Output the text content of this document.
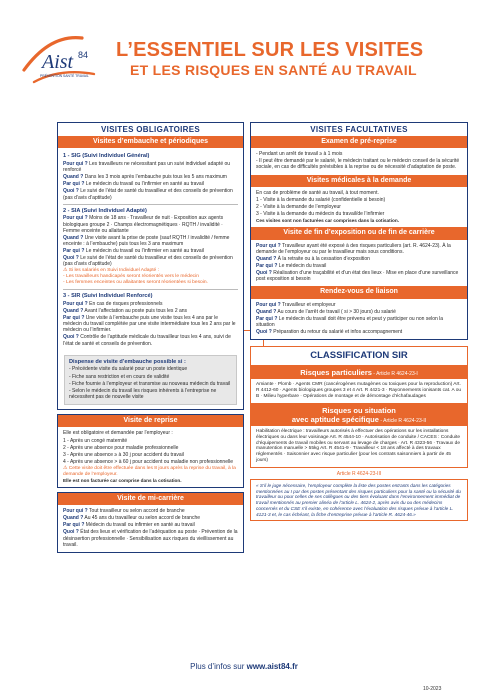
Aist 84
PRÉVENTION SANTÉ TRAVAIL
L’ESSENTIEL SUR LES VISITES
ET LES RISQUES EN SANTÉ AU TRAVAIL
VISITES OBLIGATOIRES
Visites d’embauche et périodiques
1 - SIG (Suivi Individuel Général)
Pour qui ? Les travailleurs ne nécessitant pas un suivi individuel adapté ou renforcé
Quand ? Dans les 3 mois après l’embauche puis tous les 5 ans maximum
Par qui ? Le médecin du travail ou l’infirmier en santé au travail
Quoi ? Le suivi de l’état de santé du travailleur et des conseils de prévention (pas d’avis d’aptitude)
2 - SIA (Suivi Individuel Adapté)
Pour qui ? Moins de 18 ans · Travailleur de nuit · Exposition aux agents biologiques groupe 2 · Champs électromagnétiques · RQTH / invalidité · Femme enceinte ou allaitante
Quand ? Une visite avant la prise de poste (sauf RQTH / invalidité / femme enceinte : à l’embauche) puis tous les 3 ans maximum
Par qui ? Le médecin du travail ou l’infirmier en santé au travail
Quoi ? Le suivi de l’état de santé du travailleur et des conseils de prévention (pas d’avis d’aptitude)
⚠ Si les salariés en Suivi Individuel Adapté :
- Les travailleurs handicapés seront réorientés vers le médecin
- Les femmes enceintes ou allaitantes seront réorientées si besoin.
3 - SIR (Suivi Individuel Renforcé)
Pour qui ? En cas de risques professionnels
Quand ? Avant l’affectation au poste puis tous les 2 ans
Par qui ? Une visite à l’embauche puis une visite tous les 4 ans par le médecin du travail complétée par une visite intermédiaire tous les 2 ans par le médecin ou l’infirmier.
Quoi ? Contrôle de l’aptitude médicale du travailleur tous les 4 ans, suivi de l’état de santé et conseils de prévention.
Dispense de visite d’embauche possible si :
- Précédente visite du salarié pour un poste identique
- Fiche sans restriction et en cours de validité
- Fiche fournie à l’employeur et transmise au nouveau médecin du travail
- Selon le médecin du travail les risques inhérents à l’entreprise ne nécessitent pas de nouvelle visite
Visite de reprise
Elle est obligatoire et demandée par l’employeur :
1 - Après un congé maternité
2 - Après une absence pour maladie professionnelle
3 - Après une absence ≥ à 30 j pour accident du travail
4 - Après une absence > à 60 j pour accident ou maladie non professionnelle
⚠ Cette visite doit être effectuée dans les 8 jours après la reprise du travail, à la demande de l’employeur.
Elle est non facturée car comprise dans la cotisation.
Visite de mi-carrière
Pour qui ? Tout travailleur ou selon accord de branche
Quand ? Au 45 ans du travailleur ou selon accord de branche
Par qui ? Médecin du travail ou infirmier en santé au travail
Quoi ? État des lieux et vérification de l’adéquation au poste · Prévention de la désinsertion professionnelle · Sensibilisation aux risques du vieillissement au travail.
VISITES FACULTATIVES
Examen de pré-reprise
- Pendant un arrêt de travail ≥ à 1 mois
- Il peut être demandé par le salarié, le médecin traitant ou le médecin conseil de la sécurité sociale, en cas de difficultés prévisibles à la reprise ou de nécessité d’adaptation de poste.
Visites médicales à la demande
En cas de problème de santé au travail, à tout moment.
1 - Visite à la demande du salarié (confidentielle si besoin)
2 - Visite à la demande de l’employeur
3 - Visite à la demande du médecin du travail/de l’infirmier
Ces visites sont non facturées car comprises dans la cotisation.
Visite de fin d’exposition ou de fin de carrière
Pour qui ? Travailleur ayant été exposé à des risques particuliers (art. R. 4624-23). À la demande de l’employeur ou par le travailleur mais sous conditions.
Quand ? À la retraite ou à la cessation d’exposition
Par qui ? Le médecin du travail
Quoi ? Réalisation d’une traçabilité et d’un état des lieux · Mise en place d’une surveillance post exposition si besoin
Rendez-vous de liaison
Pour qui ? Travailleur et employeur
Quand ? Au cours de l’arrêt de travail ( si > 30 jours) du salarié
Par qui ? Le médecin du travail doit être prévenu et peut y participer ou non selon la situation
Quoi ? Préparation du retour du salarié et infos accompagnement
CLASSIFICATION SIR
Risques particuliers - Article R 4624-23-I
Amiante · Plomb · Agents CMR (cancérogènes mutagènes ou toxiques pour la reproduction) Art. R 4412-60 · Agents biologiques groupes 3 et 4 Art. R 4421-3 · Rayonnements ionisants cat. A ou B · Milieu hyperbare · Opérations de montage et de démontage d’échafaudages
Risques ou situation
avec aptitude spécifique - Article R 4624-23-II
Habilitation électrique : travailleurs autorisés à effectuer des opérations sur les installations électriques ou dans leur voisinage Art. R 4544-10 · Autorisation de conduite / CACES : Conduite d’équipements de travail mobiles ou servant au levage de charges · Art. R 4323-56 · Travaux de manutention manuelle > 55kg Art. R 4541-9 · Travailleur < 18 ans affecté à des travaux réglementés · Saisonnier avec risque particulier (pour les contrats saisonniers à partir de 45 jours)
Article R 4624-23-III
« S’il le juge nécessaire, l’employeur complète la liste des postes entrants dans les catégories mentionnées au I par des postes présentant des risques particuliers pour la santé ou la sécurité du travailleur ou pour celles de ses collègues ou des tiers évoluant dans l’environnement immédiat de travail mentionnés au premier alinéa de l’article L. 4624-2, après avis du ou des médecins concernés et du CSE s’il existe, en cohérence avec l’évaluation des risques prévue à l’article L. 4121-3 et, le cas échéant, la fiche d’entreprise prévue à l’article R. 4624-46.»
Plus d’infos sur www.aist84.fr
10-2023
